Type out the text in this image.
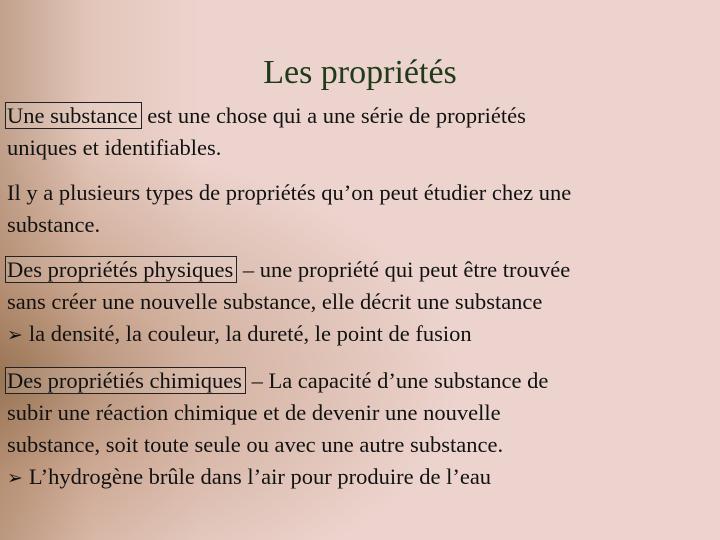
Les propriétés

Une substance est une chose qui a une série de propriétés
uniques et identifiables.

Il y a plusieurs types de propriétés qu’on peut étudier chez une
substance.

Des propriétés physiques – une propriété qui peut être trouvée
sans créer une nouvelle substance, elle décrit une substance

➢ la densité, la couleur, la dureté, le point de fusion

Des propriétiés chimiques – La capacité d’une substance de
subir une réaction chimique et de devenir une nouvelle
substance, soit toute seule ou avec une autre substance.

➢ L’hydrogène brûle dans l’air pour produire de l’eau
